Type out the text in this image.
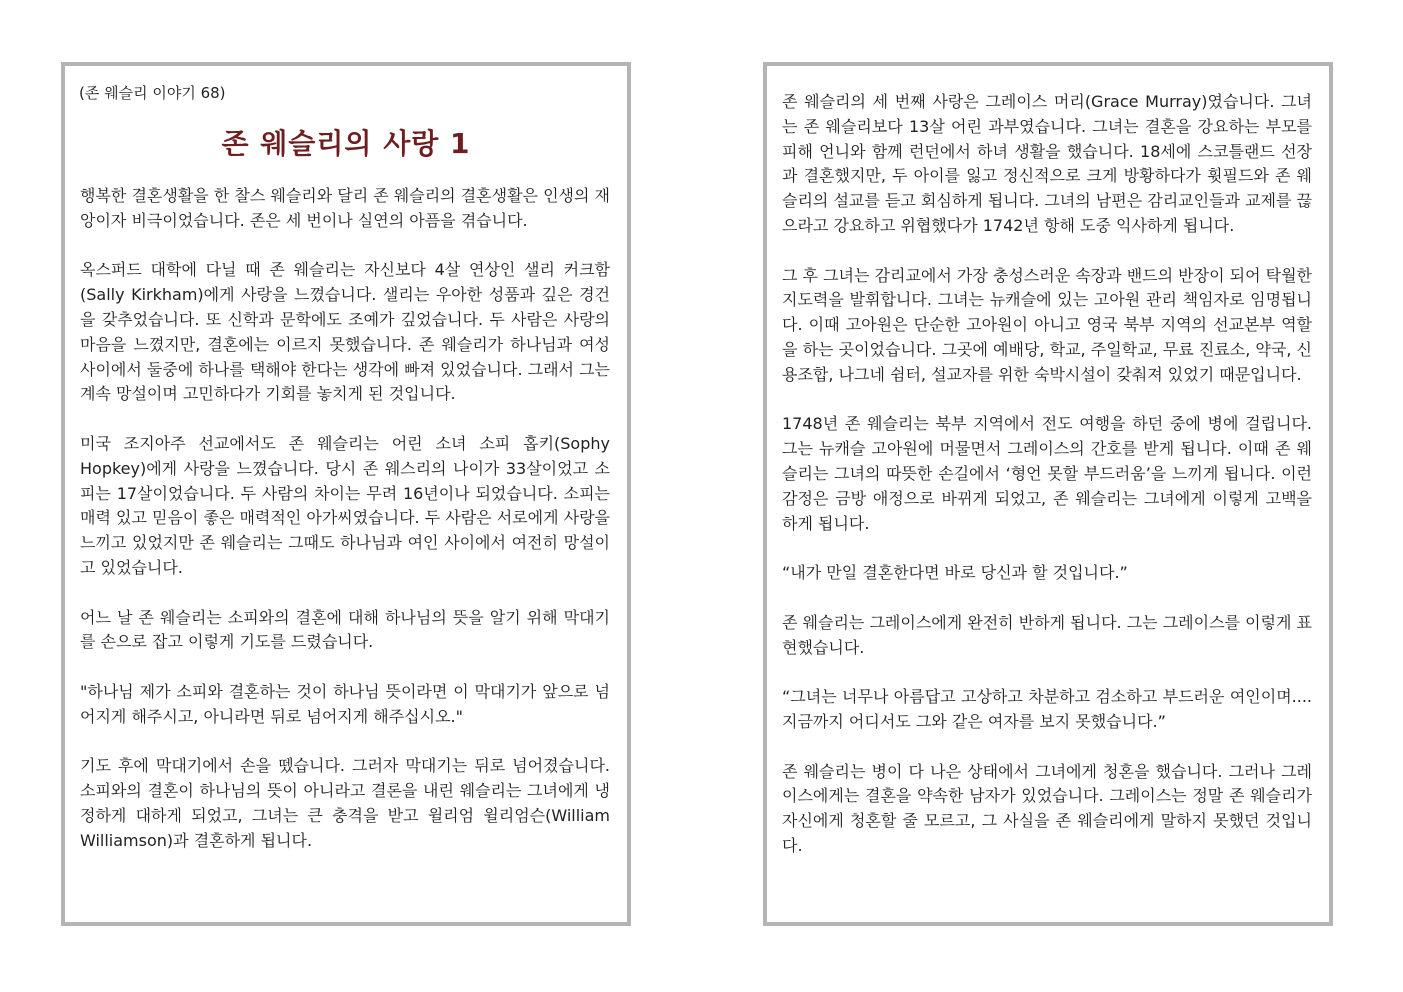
(존 웨슬리 이야기 68)
존 웨슬리의 사랑 1

행복한 결혼생활을 한 찰스 웨슬리와 달리 존 웨슬리의 결혼생활은 인생의 재앙이자 비극이었습니다. 존은 세 번이나 실연의 아픔을 겪습니다.

옥스퍼드 대학에 다닐 때 존 웨슬리는 자신보다 4살 연상인 샐리 커크함(Sally Kirkham)에게 사랑을 느꼈습니다. 샐리는 우아한 성품과 깊은 경건을 갖추었습니다. 또 신학과 문학에도 조예가 깊었습니다. 두 사람은 사랑의 마음을 느꼈지만, 결혼에는 이르지 못했습니다. 존 웨슬리가 하나님과 여성 사이에서 둘중에 하나를 택해야 한다는 생각에 빠져 있었습니다. 그래서 그는 계속 망설이며 고민하다가 기회를 놓치게 된 것입니다.

미국 조지아주 선교에서도 존 웨슬리는 어린 소녀 소피 홉키(Sophy Hopkey)에게 사랑을 느꼈습니다. 당시 존 웨스리의 나이가 33살이었고 소피는 17살이었습니다. 두 사람의 차이는 무려 16년이나 되었습니다. 소피는 매력 있고 믿음이 좋은 매력적인 아가씨였습니다. 두 사람은 서로에게 사랑을 느끼고 있었지만 존 웨슬리는 그때도 하나님과 여인 사이에서 여전히 망설이고 있었습니다.

어느 날 존 웨슬리는 소피와의 결혼에 대해 하나님의 뜻을 알기 위해 막대기를 손으로 잡고 이렇게 기도를 드렸습니다.

"하나님 제가 소피와 결혼하는 것이 하나님 뜻이라면 이 막대기가 앞으로 넘어지게 해주시고, 아니라면 뒤로 넘어지게 해주십시오."

기도 후에 막대기에서 손을 뗐습니다. 그러자 막대기는 뒤로 넘어졌습니다. 소피와의 결혼이 하나님의 뜻이 아니라고 결론을 내린 웨슬리는 그녀에게 냉정하게 대하게 되었고, 그녀는 큰 충격을 받고 윌리엄 윌리엄슨(William Williamson)과 결혼하게 됩니다.

존 웨슬리의 세 번째 사랑은 그레이스 머리(Grace Murray)였습니다. 그녀는 존 웨슬리보다 13살 어린 과부였습니다. 그녀는 결혼을 강요하는 부모를 피해 언니와 함께 런던에서 하녀 생활을 했습니다. 18세에 스코틀랜드 선장과 결혼했지만, 두 아이를 잃고 정신적으로 크게 방황하다가 휫필드와 존 웨슬리의 설교를 듣고 회심하게 됩니다. 그녀의 남편은 감리교인들과 교제를 끊으라고 강요하고 위협했다가 1742년 항해 도중 익사하게 됩니다.

그 후 그녀는 감리교에서 가장 충성스러운 속장과 밴드의 반장이 되어 탁월한 지도력을 발휘합니다. 그녀는 뉴캐슬에 있는 고아원 관리 책임자로 임명됩니다. 이때 고아원은 단순한 고아원이 아니고 영국 북부 지역의 선교본부 역할을 하는 곳이었습니다. 그곳에 예배당, 학교, 주일학교, 무료 진료소, 약국, 신용조합, 나그네 쉼터, 설교자를 위한 숙박시설이 갖춰져 있었기 때문입니다.

1748년 존 웨슬리는 북부 지역에서 전도 여행을 하던 중에 병에 걸립니다. 그는 뉴캐슬 고아원에 머물면서 그레이스의 간호를 받게 됩니다. 이때 존 웨슬리는 그녀의 따뜻한 손길에서 ‘형언 못할 부드러움’을 느끼게 됩니다. 이런 감정은 금방 애정으로 바뀌게 되었고, 존 웨슬리는 그녀에게 이렇게 고백을 하게 됩니다.

“내가 만일 결혼한다면 바로 당신과 할 것입니다.”

존 웨슬리는 그레이스에게 완전히 반하게 됩니다. 그는 그레이스를 이렇게 표현했습니다.

“그녀는 너무나 아름답고 고상하고 차분하고 검소하고 부드러운 여인이며.... 지금까지 어디서도 그와 같은 여자를 보지 못했습니다.”

존 웨슬리는 병이 다 나은 상태에서 그녀에게 청혼을 했습니다. 그러나 그레이스에게는 결혼을 약속한 남자가 있었습니다. 그레이스는 정말 존 웨슬리가 자신에게 청혼할 줄 모르고, 그 사실을 존 웨슬리에게 말하지 못했던 것입니다.
